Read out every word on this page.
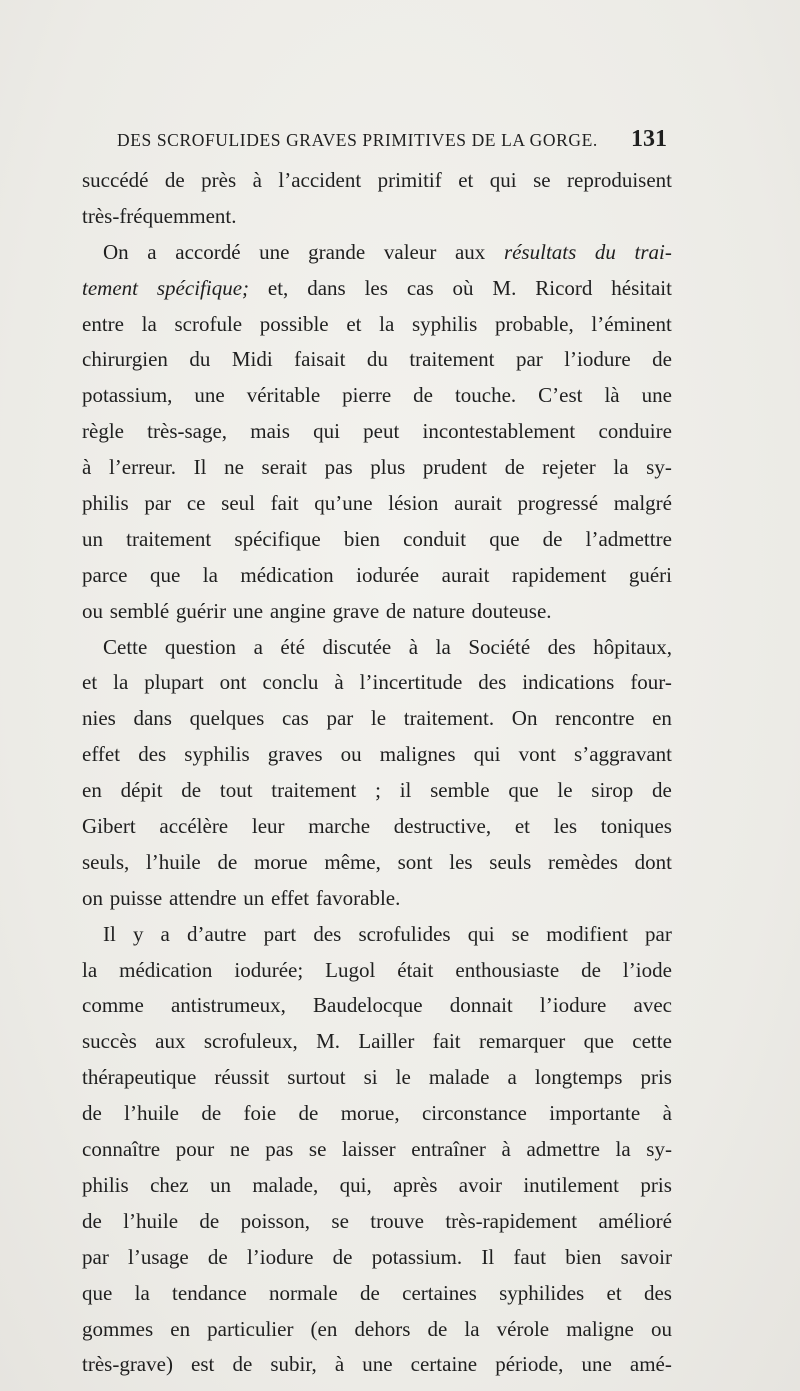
DES SCROFULIDES GRAVES PRIMITIVES DE LA GORGE. 131
succédé de près à l’accident primitif et qui se reproduisent
très-fréquemment.
On a accordé une grande valeur aux résultats du trai-
tement spécifique; et, dans les cas où M. Ricord hésitait
entre la scrofule possible et la syphilis probable, l’éminent
chirurgien du Midi faisait du traitement par l’iodure de
potassium, une véritable pierre de touche. C’est là une
règle très-sage, mais qui peut incontestablement conduire
à l’erreur. Il ne serait pas plus prudent de rejeter la sy-
philis par ce seul fait qu’une lésion aurait progressé malgré
un traitement spécifique bien conduit que de l’admettre
parce que la médication iodurée aurait rapidement guéri
ou semblé guérir une angine grave de nature douteuse.
Cette question a été discutée à la Société des hôpitaux,
et la plupart ont conclu à l’incertitude des indications four-
nies dans quelques cas par le traitement. On rencontre en
effet des syphilis graves ou malignes qui vont s’aggravant
en dépit de tout traitement ; il semble que le sirop de
Gibert accélère leur marche destructive, et les toniques
seuls, l’huile de morue même, sont les seuls remèdes dont
on puisse attendre un effet favorable.
Il y a d’autre part des scrofulides qui se modifient par
la médication iodurée; Lugol était enthousiaste de l’iode
comme antistrumeux, Baudelocque donnait l’iodure avec
succès aux scrofuleux, M. Lailler fait remarquer que cette
thérapeutique réussit surtout si le malade a longtemps pris
de l’huile de foie de morue, circonstance importante à
connaître pour ne pas se laisser entraîner à admettre la sy-
philis chez un malade, qui, après avoir inutilement pris
de l’huile de poisson, se trouve très-rapidement amélioré
par l’usage de l’iodure de potassium. Il faut bien savoir
que la tendance normale de certaines syphilides et des
gommes en particulier (en dehors de la vérole maligne ou
très-grave) est de subir, à une certaine période, une amé-
